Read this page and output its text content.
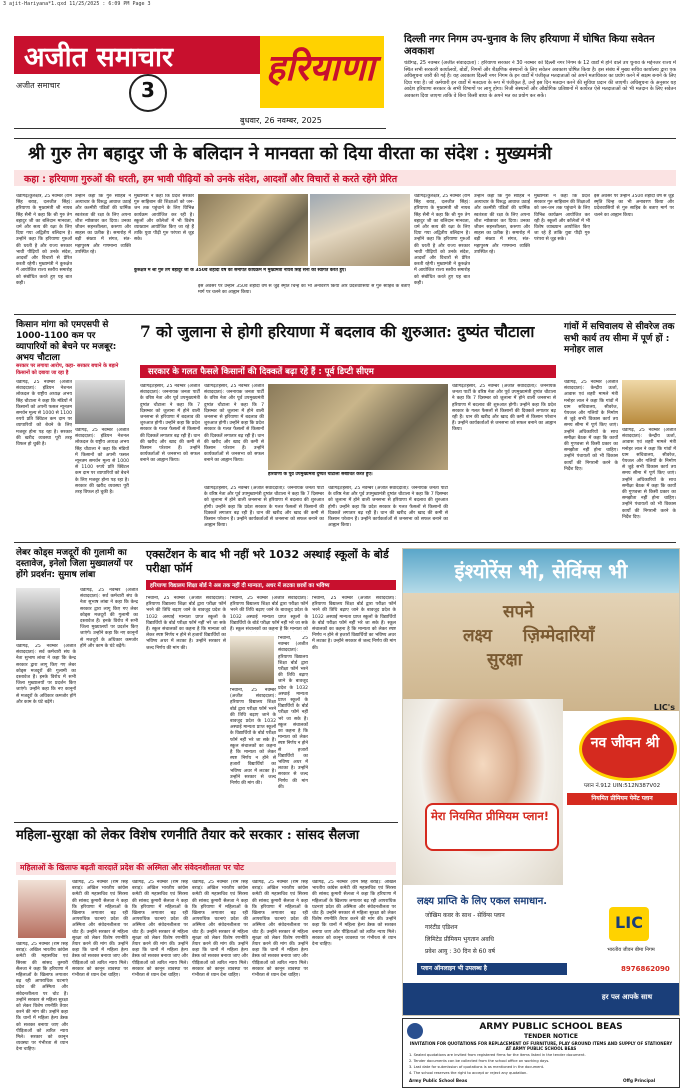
3 ajit-Hariyana*1.qxd 11/25/2025 : 6:09 PM Page 3
अजीत समाचार	हरियाणा
अजीत समाचार	3
बुधवार, 26 नवम्बर, 2025
दिल्ली नगर निगम उप-चुनाव के लिए हरियाणा में घोषित किया सवेतन अवकाश
चंडीगढ़, 25 नवम्बर (अजीत संवाददाता) : हरियाणा सरकार ने 30 नवम्बर को दिल्ली नगर निगम के 12 वार्डों में होने वाले उप चुनाव के मद्देनजर राज्य में स्थित सभी सरकारी कार्यालयों, बोर्डों, निगमों और शैक्षणिक संस्थानों के लिए सवेतन अवकाश घोषित किया है। इस संबंध में मुख्य सचिव कार्यालय द्वारा एक अधिसूचना जारी की गई है। यह अवकाश दिल्ली नगर निगम के इन वार्डों में पंजीकृत मतदाताओं को अपने मताधिकार का प्रयोग करने में सक्षम बनाने के लिए दिया गया है। जो कर्मचारी इन वार्डों में मतदाता के रूप में पंजीकृत हैं, उन्हें इस दिन मतदान करने की सुविधा प्रदान की जाएगी। अधिसूचना के अनुसार यह आदेश हरियाणा सरकार के सभी विभागों पर लागू होगा। निजी संस्थानों और औद्योगिक प्रतिष्ठानों में कार्यरत ऐसे मतदाताओं को भी मतदान के लिए सवेतन अवकाश दिया जाएगा ताकि वे बिना किसी बाधा के अपने मत का प्रयोग कर सकें।
श्री गुरु तेग बहादुर जी के बलिदान ने मानवता को दिया वीरता का संदेश : मुख्यमंत्री
कहा : हरियाणा गुरुओं की धरती, हम भावी पीढ़ियों को उनके संदेश, आदर्शों और विचारों से करते रहेंगे प्रेरित
चंडीगढ़/कुरुक्षेत्र, 25 नवम्बर (राम सिंह बराड़, दलजीत सिंह): हरियाणा के मुख्यमंत्री श्री नायब सिंह सैनी ने कहा कि श्री गुरु तेग बहादुर जी का बलिदान मानवता, धर्म और सत्य की रक्षा के लिए दिया गया अद्वितीय बलिदान है। उन्होंने कहा कि हरियाणा गुरुओं की धरती है और राज्य सरकार भावी पीढ़ियों को उनके संदेश, आदर्शों और विचारों से प्रेरित करती रहेगी। मुख्यमंत्री ने कुरुक्षेत्र में आयोजित राज्य स्तरीय समारोह को संबोधित करते हुए यह बात कही।
उन्होंने कहा कि गुरु साहिब ने अत्याचार के विरुद्ध आवाज उठाई और कश्मीरी पंडितों की धार्मिक स्वतंत्रता की रक्षा के लिए अपना शीश न्योछावर कर दिया। उनका जीवन सहनशीलता, करुणा और साहस का प्रतीक है। समारोह में बड़ी संख्या में संगत, संत-महापुरुष और गणमान्य व्यक्ति उपस्थित रहे।
मुख्यमंत्री ने कहा कि प्रदेश सरकार गुरु साहिबान की शिक्षाओं को जन-जन तक पहुंचाने के लिए विभिन्न कार्यक्रम आयोजित कर रही है। स्कूलों और कॉलेजों में भी विशेष व्याख्यान आयोजित किए जा रहे हैं ताकि युवा पीढ़ी गुरु परंपरा से जुड़ सके।
कुरुक्षेत्र में श्री गुरु तेग बहादुर जी के 350वें शहीदी वर्ष को समर्पित कार्यक्रम में मुख्यमंत्री नायब सिंह सैनी का स्वागत करते हुए।
इस अवसर पर उन्होंने 350वें शहीदी वर्ष से जुड़े स्मृति चिन्ह का भी अनावरण किया और प्रदेशवासियों से गुरु साहिब के बताए मार्ग पर चलने का आह्वान किया।
चंडीगढ़/कुरुक्षेत्र, 25 नवम्बर (राम सिंह बराड़, दलजीत सिंह): हरियाणा के मुख्यमंत्री श्री नायब सिंह सैनी ने कहा कि श्री गुरु तेग बहादुर जी का बलिदान मानवता, धर्म और सत्य की रक्षा के लिए दिया गया अद्वितीय बलिदान है। उन्होंने कहा कि हरियाणा गुरुओं की धरती है और राज्य सरकार भावी पीढ़ियों को उनके संदेश, आदर्शों और विचारों से प्रेरित करती रहेगी। मुख्यमंत्री ने कुरुक्षेत्र में आयोजित राज्य स्तरीय समारोह को संबोधित करते हुए यह बात कही।
उन्होंने कहा कि गुरु साहिब ने अत्याचार के विरुद्ध आवाज उठाई और कश्मीरी पंडितों की धार्मिक स्वतंत्रता की रक्षा के लिए अपना शीश न्योछावर कर दिया। उनका जीवन सहनशीलता, करुणा और साहस का प्रतीक है। समारोह में बड़ी संख्या में संगत, संत-महापुरुष और गणमान्य व्यक्ति उपस्थित रहे।
मुख्यमंत्री ने कहा कि प्रदेश सरकार गुरु साहिबान की शिक्षाओं को जन-जन तक पहुंचाने के लिए विभिन्न कार्यक्रम आयोजित कर रही है। स्कूलों और कॉलेजों में भी विशेष व्याख्यान आयोजित किए जा रहे हैं ताकि युवा पीढ़ी गुरु परंपरा से जुड़ सके।
इस अवसर पर उन्होंने 350वें शहीदी वर्ष से जुड़े स्मृति चिन्ह का भी अनावरण किया और प्रदेशवासियों से गुरु साहिब के बताए मार्ग पर चलने का आह्वान किया।
किसान मांगा को एमएसपी से 1000-1100 कम पर व्यापारियों को बेचने पर मजबूर: अभय चौटाला
सरकार पर लगाया आरोप, कहा- सरकार बचाने के बहाने किसानों को दबाया जा रहा है
चंडीगढ़, 25 नवम्बर (अजीत संवाददाता): इंडियन नेशनल लोकदल के राष्ट्रीय अध्यक्ष अभय सिंह चौटाला ने कहा कि मंडियों में किसानों को अपनी फसल न्यूनतम समर्थन मूल्य से 1000 से 1100 रुपये प्रति क्विंटल कम दाम पर व्यापारियों को बेचने के लिए मजबूर होना पड़ रहा है। सरकार की खरीद व्यवस्था पूरी तरह विफल हो चुकी है।
चंडीगढ़, 25 नवम्बर (अजीत संवाददाता): इंडियन नेशनल लोकदल के राष्ट्रीय अध्यक्ष अभय सिंह चौटाला ने कहा कि मंडियों में किसानों को अपनी फसल न्यूनतम समर्थन मूल्य से 1000 से 1100 रुपये प्रति क्विंटल कम दाम पर व्यापारियों को बेचने के लिए मजबूर होना पड़ रहा है। सरकार की खरीद व्यवस्था पूरी तरह विफल हो चुकी है।
7 को जुलाना से होगी हरियाणा में बदलाव की शुरुआत: दुष्यंत चौटाला
सरकार के गलत फैसले किसानों की दिक्कतें बढ़ा रहे हैं : पूर्व डिप्टी सीएम
चंडीगढ़/हिसार, 25 नवम्बर (अजीत संवाददाता): जननायक जनता पार्टी के वरिष्ठ नेता और पूर्व उपमुख्यमंत्री दुष्यंत चौटाला ने कहा कि 7 दिसम्बर को जुलाना में होने वाली जनसभा से हरियाणा में बदलाव की शुरुआत होगी। उन्होंने कहा कि प्रदेश सरकार के गलत फैसलों से किसानों की दिक्कतें लगातार बढ़ रही हैं। धान की खरीद और खाद की कमी से किसान परेशान हैं। उन्होंने कार्यकर्ताओं से जनसभा को सफल बनाने का आह्वान किया।
चंडीगढ़/हिसार, 25 नवम्बर (अजीत संवाददाता): जननायक जनता पार्टी के वरिष्ठ नेता और पूर्व उपमुख्यमंत्री दुष्यंत चौटाला ने कहा कि 7 दिसम्बर को जुलाना में होने वाली जनसभा से हरियाणा में बदलाव की शुरुआत होगी। उन्होंने कहा कि प्रदेश सरकार के गलत फैसलों से किसानों की दिक्कतें लगातार बढ़ रही हैं। धान की खरीद और खाद की कमी से किसान परेशान हैं। उन्होंने कार्यकर्ताओं से जनसभा को सफल बनाने का आह्वान किया।
हरियाणा के पूर्व उपमुख्यमंत्री दुष्यंत चौटाला संबोधित करते हुए।
चंडीगढ़/हिसार, 25 नवम्बर (अजीत संवाददाता): जननायक जनता पार्टी के वरिष्ठ नेता और पूर्व उपमुख्यमंत्री दुष्यंत चौटाला ने कहा कि 7 दिसम्बर को जुलाना में होने वाली जनसभा से हरियाणा में बदलाव की शुरुआत होगी। उन्होंने कहा कि प्रदेश सरकार के गलत फैसलों से किसानों की दिक्कतें लगातार बढ़ रही हैं। धान की खरीद और खाद की कमी से किसान परेशान हैं। उन्होंने कार्यकर्ताओं से जनसभा को सफल बनाने का आह्वान किया।
चंडीगढ़/हिसार, 25 नवम्बर (अजीत संवाददाता): जननायक जनता पार्टी के वरिष्ठ नेता और पूर्व उपमुख्यमंत्री दुष्यंत चौटाला ने कहा कि 7 दिसम्बर को जुलाना में होने वाली जनसभा से हरियाणा में बदलाव की शुरुआत होगी। उन्होंने कहा कि प्रदेश सरकार के गलत फैसलों से किसानों की दिक्कतें लगातार बढ़ रही हैं। धान की खरीद और खाद की कमी से किसान परेशान हैं। उन्होंने कार्यकर्ताओं से जनसभा को सफल बनाने का आह्वान किया।
चंडीगढ़/हिसार, 25 नवम्बर (अजीत संवाददाता): जननायक जनता पार्टी के वरिष्ठ नेता और पूर्व उपमुख्यमंत्री दुष्यंत चौटाला ने कहा कि 7 दिसम्बर को जुलाना में होने वाली जनसभा से हरियाणा में बदलाव की शुरुआत होगी। उन्होंने कहा कि प्रदेश सरकार के गलत फैसलों से किसानों की दिक्कतें लगातार बढ़ रही हैं। धान की खरीद और खाद की कमी से किसान परेशान हैं। उन्होंने कार्यकर्ताओं से जनसभा को सफल बनाने का आह्वान किया।
गांवों में सचिवालय से सीवरेज तक सभी कार्य तय सीमा में पूर्ण हों : मनोहर लाल
चंडीगढ़, 25 नवम्बर (अजीत संवाददाता): केन्द्रीय ऊर्जा, आवास एवं शहरी मामले मंत्री मनोहर लाल ने कहा कि गांवों में ग्राम सचिवालय, सीवरेज, पेयजल और गलियों के निर्माण से जुड़े सभी विकास कार्य तय समय सीमा में पूर्ण किए जाएं। उन्होंने अधिकारियों के साथ समीक्षा बैठक में कहा कि कार्यों की गुणवत्ता से किसी प्रकार का समझौता नहीं होना चाहिए। उन्होंने पंचायतों को भी विकास कार्यों की निगरानी करने के निर्देश दिए।
चंडीगढ़, 25 नवम्बर (अजीत संवाददाता): केन्द्रीय ऊर्जा, आवास एवं शहरी मामले मंत्री मनोहर लाल ने कहा कि गांवों में ग्राम सचिवालय, सीवरेज, पेयजल और गलियों के निर्माण से जुड़े सभी विकास कार्य तय समय सीमा में पूर्ण किए जाएं। उन्होंने अधिकारियों के साथ समीक्षा बैठक में कहा कि कार्यों की गुणवत्ता से किसी प्रकार का समझौता नहीं होना चाहिए। उन्होंने पंचायतों को भी विकास कार्यों की निगरानी करने के निर्देश दिए।
लेबर कोड्स मजदूरों की गुलामी का दस्तावेज, इनेलो जिला मुख्यालयों पर होंगे प्रदर्शन: सुमाष लांबा
चंडीगढ़, 25 नवम्बर (अजीत संवाददाता): सर्व कर्मचारी संघ के नेता सुभाष लांबा ने कहा कि केन्द्र सरकार द्वारा लागू किए गए लेबर कोड्स मजदूरों की गुलामी का दस्तावेज हैं। इनके विरोध में सभी जिला मुख्यालयों पर प्रदर्शन किए जाएंगे। उन्होंने कहा कि नए कानूनों से मजदूरों के अधिकार कमजोर होंगे और काम के घंटे बढ़ेंगे।
चंडीगढ़, 25 नवम्बर (अजीत संवाददाता): सर्व कर्मचारी संघ के नेता सुभाष लांबा ने कहा कि केन्द्र सरकार द्वारा लागू किए गए लेबर कोड्स मजदूरों की गुलामी का दस्तावेज हैं। इनके विरोध में सभी जिला मुख्यालयों पर प्रदर्शन किए जाएंगे। उन्होंने कहा कि नए कानूनों से मजदूरों के अधिकार कमजोर होंगे और काम के घंटे बढ़ेंगे।
एक्सटेंशन के बाद भी नहीं भरे 1032 अस्थाई स्कूलों के बोर्ड परीक्षा फॉर्म
हरियाणा विद्यालय शिक्षा बोर्ड ने अब तक नहीं दी मान्यता, अधर में लटका छात्रों का भविष्य
भिवानी, 25 नवम्बर (अजीत संवाददाता): हरियाणा विद्यालय शिक्षा बोर्ड द्वारा परीक्षा फॉर्म भरने की तिथि बढ़ाए जाने के बावजूद प्रदेश के 1032 अस्थाई मान्यता प्राप्त स्कूलों के विद्यार्थियों के बोर्ड परीक्षा फॉर्म नहीं भरे जा सके हैं। स्कूल संचालकों का कहना है कि मान्यता को लेकर स्पष्ट निर्णय न होने से हजारों विद्यार्थियों का भविष्य अधर में लटका है। उन्होंने सरकार से जल्द निर्णय की मांग की।
भिवानी, 25 नवम्बर (अजीत संवाददाता): हरियाणा विद्यालय शिक्षा बोर्ड द्वारा परीक्षा फॉर्म भरने की तिथि बढ़ाए जाने के बावजूद प्रदेश के 1032 अस्थाई मान्यता प्राप्त स्कूलों के विद्यार्थियों के बोर्ड परीक्षा फॉर्म नहीं भरे जा सके हैं। स्कूल संचालकों का कहना है कि मान्यता को
भिवानी, 25 नवम्बर (अजीत संवाददाता): हरियाणा विद्यालय शिक्षा बोर्ड द्वारा परीक्षा फॉर्म भरने की तिथि बढ़ाए जाने के बावजूद प्रदेश के 1032 अस्थाई मान्यता प्राप्त स्कूलों के विद्यार्थियों के बोर्ड परीक्षा फॉर्म नहीं भरे जा सके हैं। स्कूल संचालकों का कहना है कि मान्यता को लेकर स्पष्ट निर्णय न होने से हजारों विद्यार्थियों का भविष्य अधर में लटका है। उन्होंने सरकार से जल्द निर्णय की मांग की।
भिवानी, 25 नवम्बर (अजीत संवाददाता): हरियाणा विद्यालय शिक्षा बोर्ड द्वारा परीक्षा फॉर्म भरने की तिथि बढ़ाए जाने के बावजूद प्रदेश के 1032 अस्थाई मान्यता प्राप्त स्कूलों के विद्यार्थियों के बोर्ड परीक्षा फॉर्म नहीं भरे जा सके हैं। स्कूल संचालकों का कहना है कि मान्यता को लेकर स्पष्ट निर्णय न होने से हजारों विद्यार्थियों का भविष्य अधर में लटका है। उन्होंने सरकार से जल्द निर्णय की मांग की।
भिवानी, 25 नवम्बर (अजीत संवाददाता): हरियाणा विद्यालय शिक्षा बोर्ड द्वारा परीक्षा फॉर्म भरने की तिथि बढ़ाए जाने के बावजूद प्रदेश के 1032 अस्थाई मान्यता प्राप्त स्कूलों के विद्यार्थियों के बोर्ड परीक्षा फॉर्म नहीं भरे जा सके हैं। स्कूल संचालकों का कहना है कि मान्यता को लेकर स्पष्ट निर्णय न होने से हजारों विद्यार्थियों का भविष्य अधर में लटका है। उन्होंने सरकार से जल्द निर्णय की मांग की।
इंश्योरेंस भी, सेविंग्स भी
सपने
लक्ष्य ज़िम्मेदारियाँ
सुरक्षा
LIC's
नव जीवन श्री
प्लान नं.912 UIN:512N387V02
नियमित प्रीमियम पेमेंट प्लान
मेरा नियमित प्रीमियम प्लान!
लक्ष्य प्राप्ति के लिए एकल समाधान.
जोखिम कवर के साथ - सेविंग्स प्लान
गारंटीड एडिशन
लिमिटेड प्रीमियम भुगतान अवधि
प्रवेश आयु : 30 दिन से 60 वर्ष
प्लान ऑनलाइन भी उपलब्ध है
LIC
भारतीय जीवन बीमा निगम
हर पल आपके साथ
8976862090
महिला-सुरक्षा को लेकर विशेष रणनीति तैयार करे सरकार : सांसद सैलजा
महिलाओं के खिलाफ बढ़ती वारदातें प्रदेश की अस्मिता और संवेदनशीलता पर चोट
चंडीगढ़, 25 नवम्बर (राम सिंह बराड़): अखिल भारतीय कांग्रेस कमेटी की महासचिव एवं सिरसा की सांसद कुमारी सैलजा ने कहा कि हरियाणा में महिलाओं के खिलाफ लगातार बढ़ रही आपराधिक घटनाएं प्रदेश की अस्मिता और संवेदनशीलता पर चोट हैं। उन्होंने सरकार से महिला सुरक्षा को लेकर विशेष रणनीति तैयार करने की मांग की। उन्होंने कहा कि थानों में महिला हेल्प डेस्क को सशक्त बनाया जाए और पीड़िताओं को त्वरित न्याय मिले। सरकार को कानून व्यवस्था पर गंभीरता से ध्यान देना चाहिए।
चंडीगढ़, 25 नवम्बर (राम सिंह बराड़): अखिल भारतीय कांग्रेस कमेटी की महासचिव एवं सिरसा की सांसद कुमारी सैलजा ने कहा कि हरियाणा में महिलाओं के खिलाफ लगातार बढ़ रही आपराधिक घटनाएं प्रदेश की अस्मिता और संवेदनशीलता पर चोट हैं। उन्होंने सरकार से महिला सुरक्षा को लेकर विशेष रणनीति तैयार करने की मांग की। उन्होंने कहा कि थानों में महिला हेल्प डेस्क को सशक्त बनाया जाए और पीड़िताओं को त्वरित न्याय मिले। सरकार को कानून व्यवस्था पर गंभीरता से ध्यान देना चाहिए।
चंडीगढ़, 25 नवम्बर (राम सिंह बराड़): अखिल भारतीय कांग्रेस कमेटी की महासचिव एवं सिरसा की सांसद कुमारी सैलजा ने कहा कि हरियाणा में महिलाओं के खिलाफ लगातार बढ़ रही आपराधिक घटनाएं प्रदेश की अस्मिता और संवेदनशीलता पर चोट हैं। उन्होंने सरकार से महिला सुरक्षा को लेकर विशेष रणनीति तैयार करने की मांग की। उन्होंने कहा कि थानों में महिला हेल्प डेस्क को सशक्त बनाया जाए और पीड़िताओं को त्वरित न्याय मिले। सरकार को कानून व्यवस्था पर गंभीरता से ध्यान देना चाहिए।
चंडीगढ़, 25 नवम्बर (राम सिंह बराड़): अखिल भारतीय कांग्रेस कमेटी की महासचिव एवं सिरसा की सांसद कुमारी सैलजा ने कहा कि हरियाणा में महिलाओं के खिलाफ लगातार बढ़ रही आपराधिक घटनाएं प्रदेश की अस्मिता और संवेदनशीलता पर चोट हैं। उन्होंने सरकार से महिला सुरक्षा को लेकर विशेष रणनीति तैयार करने की मांग की। उन्होंने कहा कि थानों में महिला हेल्प डेस्क को सशक्त बनाया जाए और पीड़िताओं को त्वरित न्याय मिले। सरकार को कानून व्यवस्था पर गंभीरता से ध्यान देना चाहिए।
चंडीगढ़, 25 नवम्बर (राम सिंह बराड़): अखिल भारतीय कांग्रेस कमेटी की महासचिव एवं सिरसा की सांसद कुमारी सैलजा ने कहा कि हरियाणा में महिलाओं के खिलाफ लगातार बढ़ रही आपराधिक घटनाएं प्रदेश की अस्मिता और संवेदनशीलता पर चोट हैं। उन्होंने सरकार से महिला सुरक्षा को लेकर विशेष रणनीति तैयार करने की मांग की। उन्होंने कहा कि थानों में महिला हेल्प डेस्क को सशक्त बनाया जाए और पीड़िताओं को त्वरित न्याय मिले। सरकार को कानून व्यवस्था पर गंभीरता से ध्यान देना चाहिए।
चंडीगढ़, 25 नवम्बर (राम सिंह बराड़): अखिल भारतीय कांग्रेस कमेटी की महासचिव एवं सिरसा की सांसद कुमारी सैलजा ने कहा कि हरियाणा में महिलाओं के खिलाफ लगातार बढ़ रही आपराधिक घटनाएं प्रदेश की अस्मिता और संवेदनशीलता पर चोट हैं। उन्होंने सरकार से महिला सुरक्षा को लेकर विशेष रणनीति तैयार करने की मांग की। उन्होंने कहा कि थानों में महिला हेल्प डेस्क को सशक्त बनाया जाए और पीड़िताओं को त्वरित न्याय मिले। सरकार को कानून व्यवस्था पर गंभीरता से ध्यान देना चाहिए।
ARMY PUBLIC SCHOOL BEAS
TENDER NOTICE
INVITATION FOR QUOTATIONS FOR REPLACEMENT OF FURNITURE, PLAY GROUND ITEMS AND SUPPLY OF STATIONERY AT ARMY PUBLIC SCHOOL BEAS
1. Sealed quotations are invited from registered firms for the items listed in the tender document.
2. Tender documents can be collected from the school office on working days.
3. Last date for submission of quotations is as mentioned in the document.
4. The school reserves the right to accept or reject any quotation.
Army Public School Beas	Offg Principal
